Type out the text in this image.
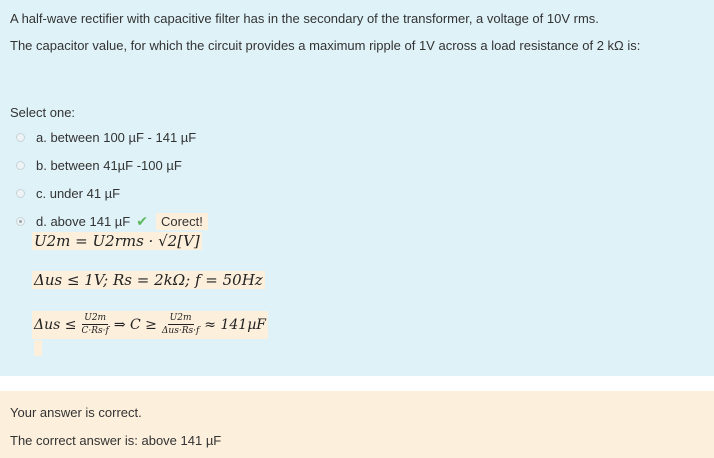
A half-wave rectifier with capacitive filter has in the secondary of the transformer, a voltage of 10V rms.
The capacitor value, for which the circuit provides a maximum ripple of 1V across a load resistance of 2 kΩ is:
Select one:
a. between 100 µF - 141 µF
b. between 41µF -100 µF
c. under 41 µF
d. above 141 µF ✔	Corect!
U2m = U2rms · √2[V]
Δus ≤ 1V; Rs = 2kΩ; f = 50Hz
$\Delta us \le \frac{U2m}{C\cdot Rs\cdot f}$ ⇒ $C \ge \frac{U2m}{\text{Δus·Rs·f}} \approx 141\mu F$
Your answer is correct.
The correct answer is: above 141 µF
